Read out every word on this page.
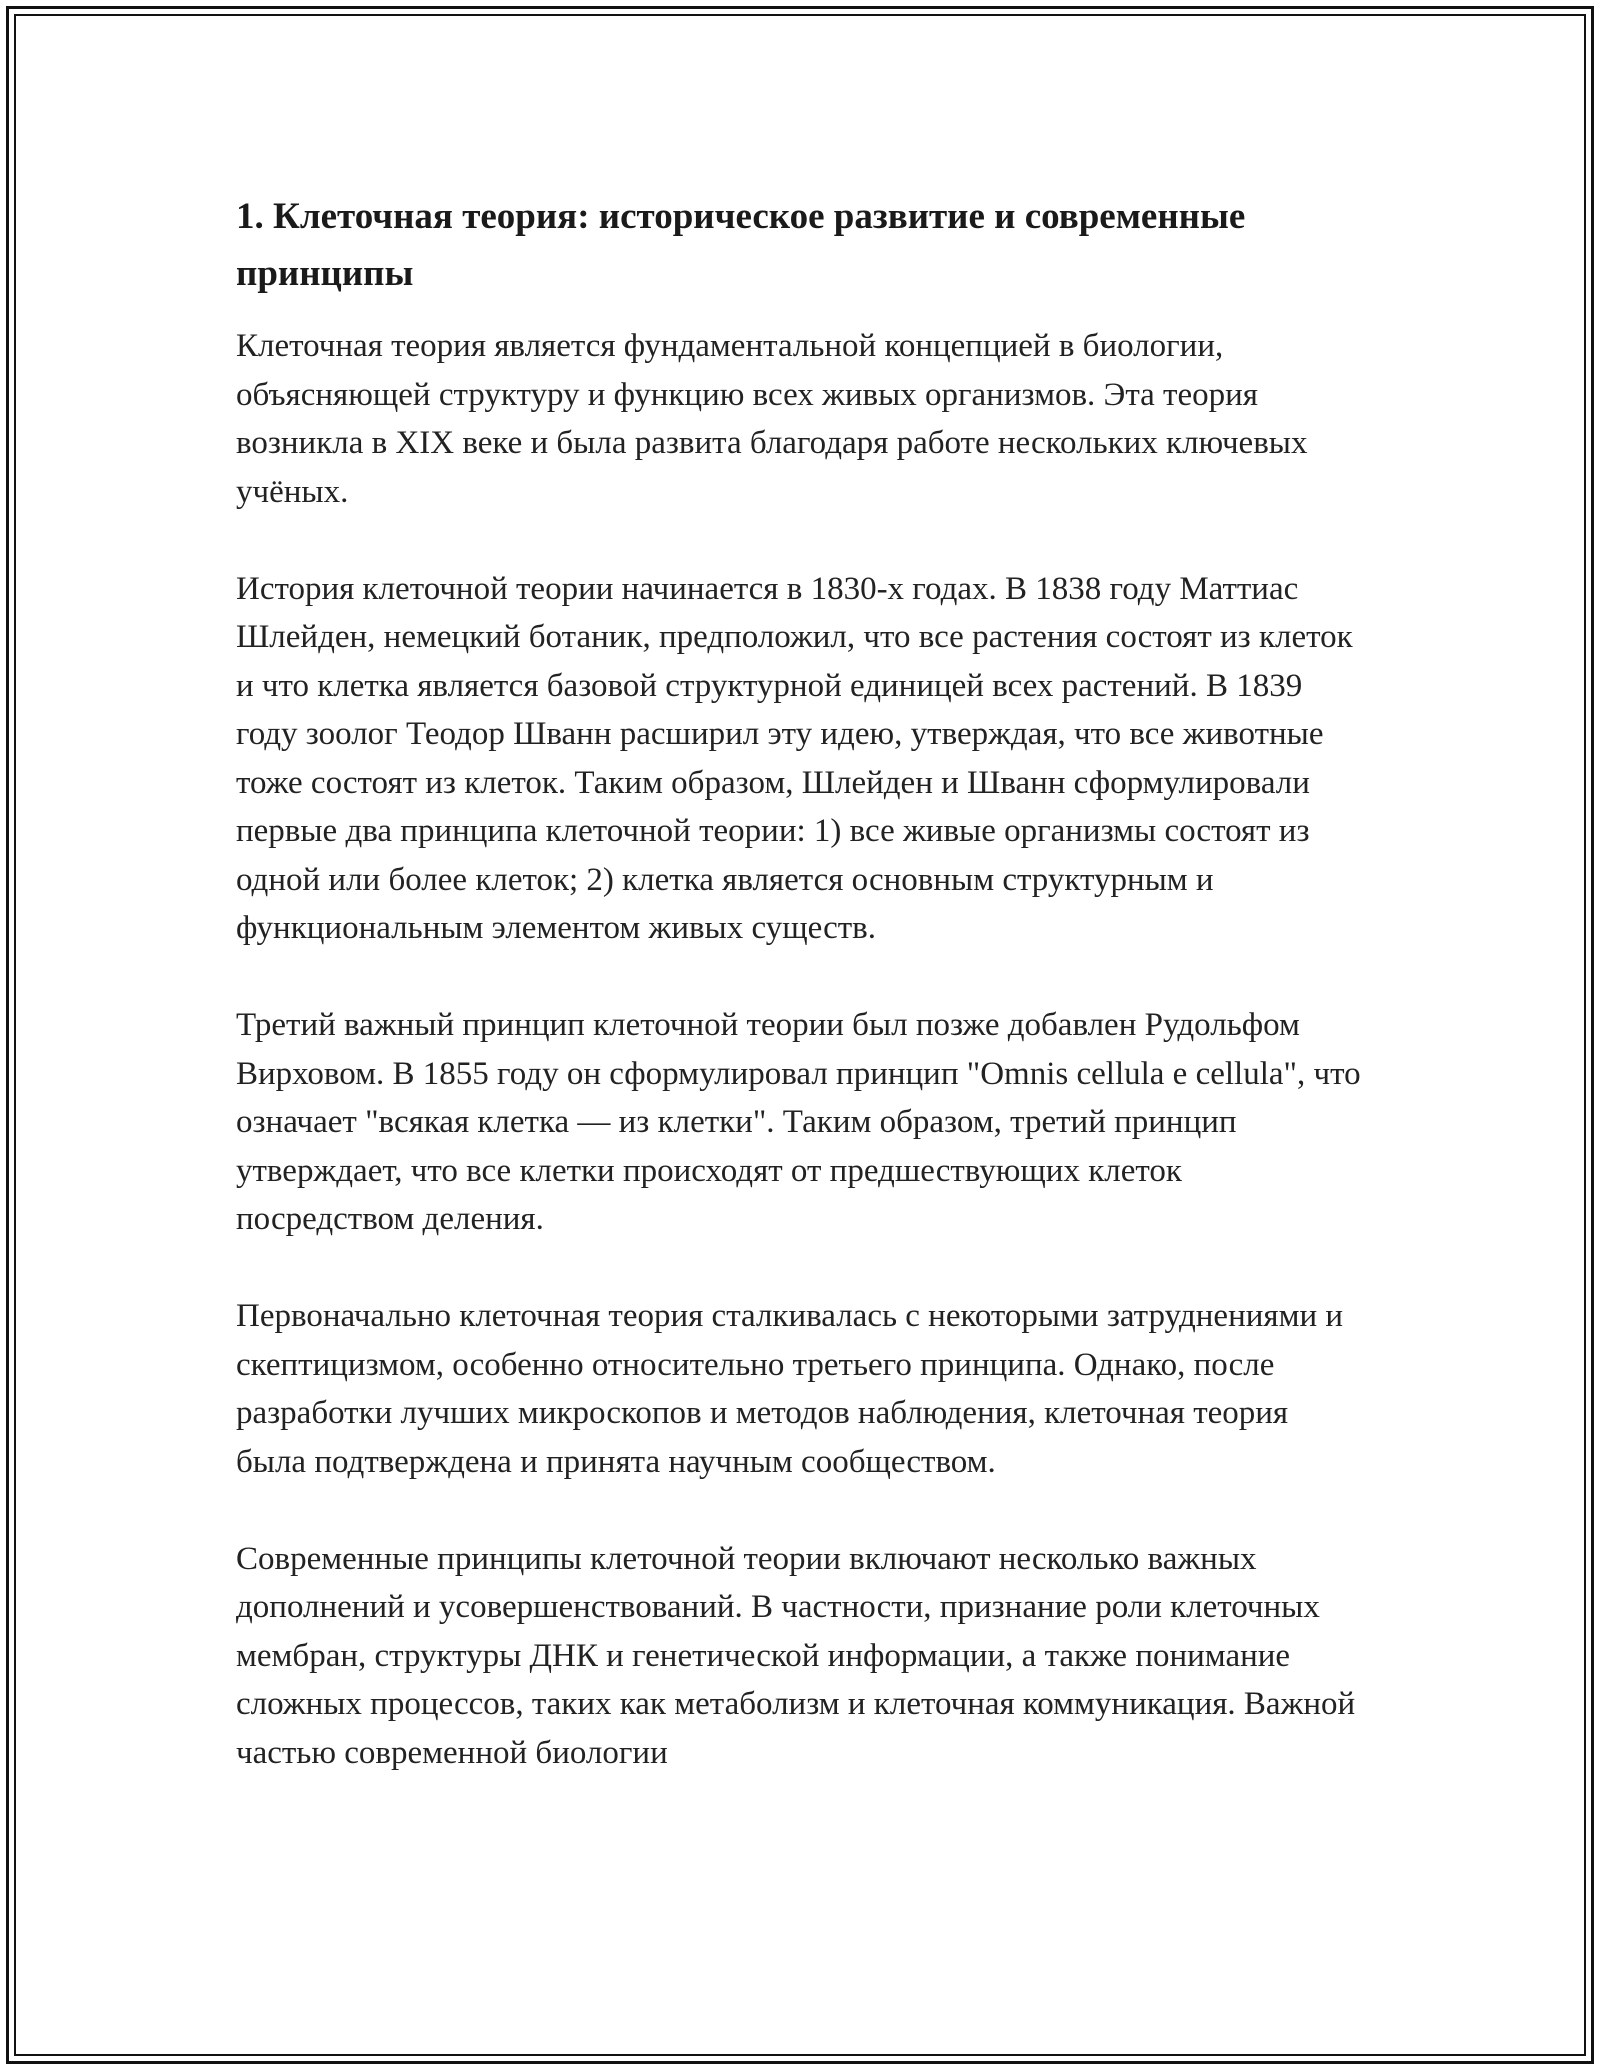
1. Клеточная теория: историческое развитие и современные принципы

Клеточная теория является фундаментальной концепцией в биологии, объясняющей структуру и функцию всех живых организмов. Эта теория возникла в XIX веке и была развита благодаря работе нескольких ключевых учёных.

История клеточной теории начинается в 1830-х годах. В 1838 году Маттиас Шлейден, немецкий ботаник, предположил, что все растения состоят из клеток и что клетка является базовой структурной единицей всех растений. В 1839 году зоолог Теодор Шванн расширил эту идею, утверждая, что все животные тоже состоят из клеток. Таким образом, Шлейден и Шванн сформулировали первые два принципа клеточной теории: 1) все живые организмы состоят из одной или более клеток; 2) клетка является основным структурным и функциональным элементом живых существ.

Третий важный принцип клеточной теории был позже добавлен Рудольфом Вирховом. В 1855 году он сформулировал принцип "Omnis cellula e cellula", что означает "всякая клетка — из клетки". Таким образом, третий принцип утверждает, что все клетки происходят от предшествующих клеток посредством деления.

Первоначально клеточная теория сталкивалась с некоторыми затруднениями и скептицизмом, особенно относительно третьего принципа. Однако, после разработки лучших микроскопов и методов наблюдения, клеточная теория была подтверждена и принята научным сообществом.

Современные принципы клеточной теории включают несколько важных дополнений и усовершенствований. В частности, признание роли клеточных мембран, структуры ДНК и генетической информации, а также понимание сложных процессов, таких как метаболизм и клеточная коммуникация. Важной частью современной биологии
